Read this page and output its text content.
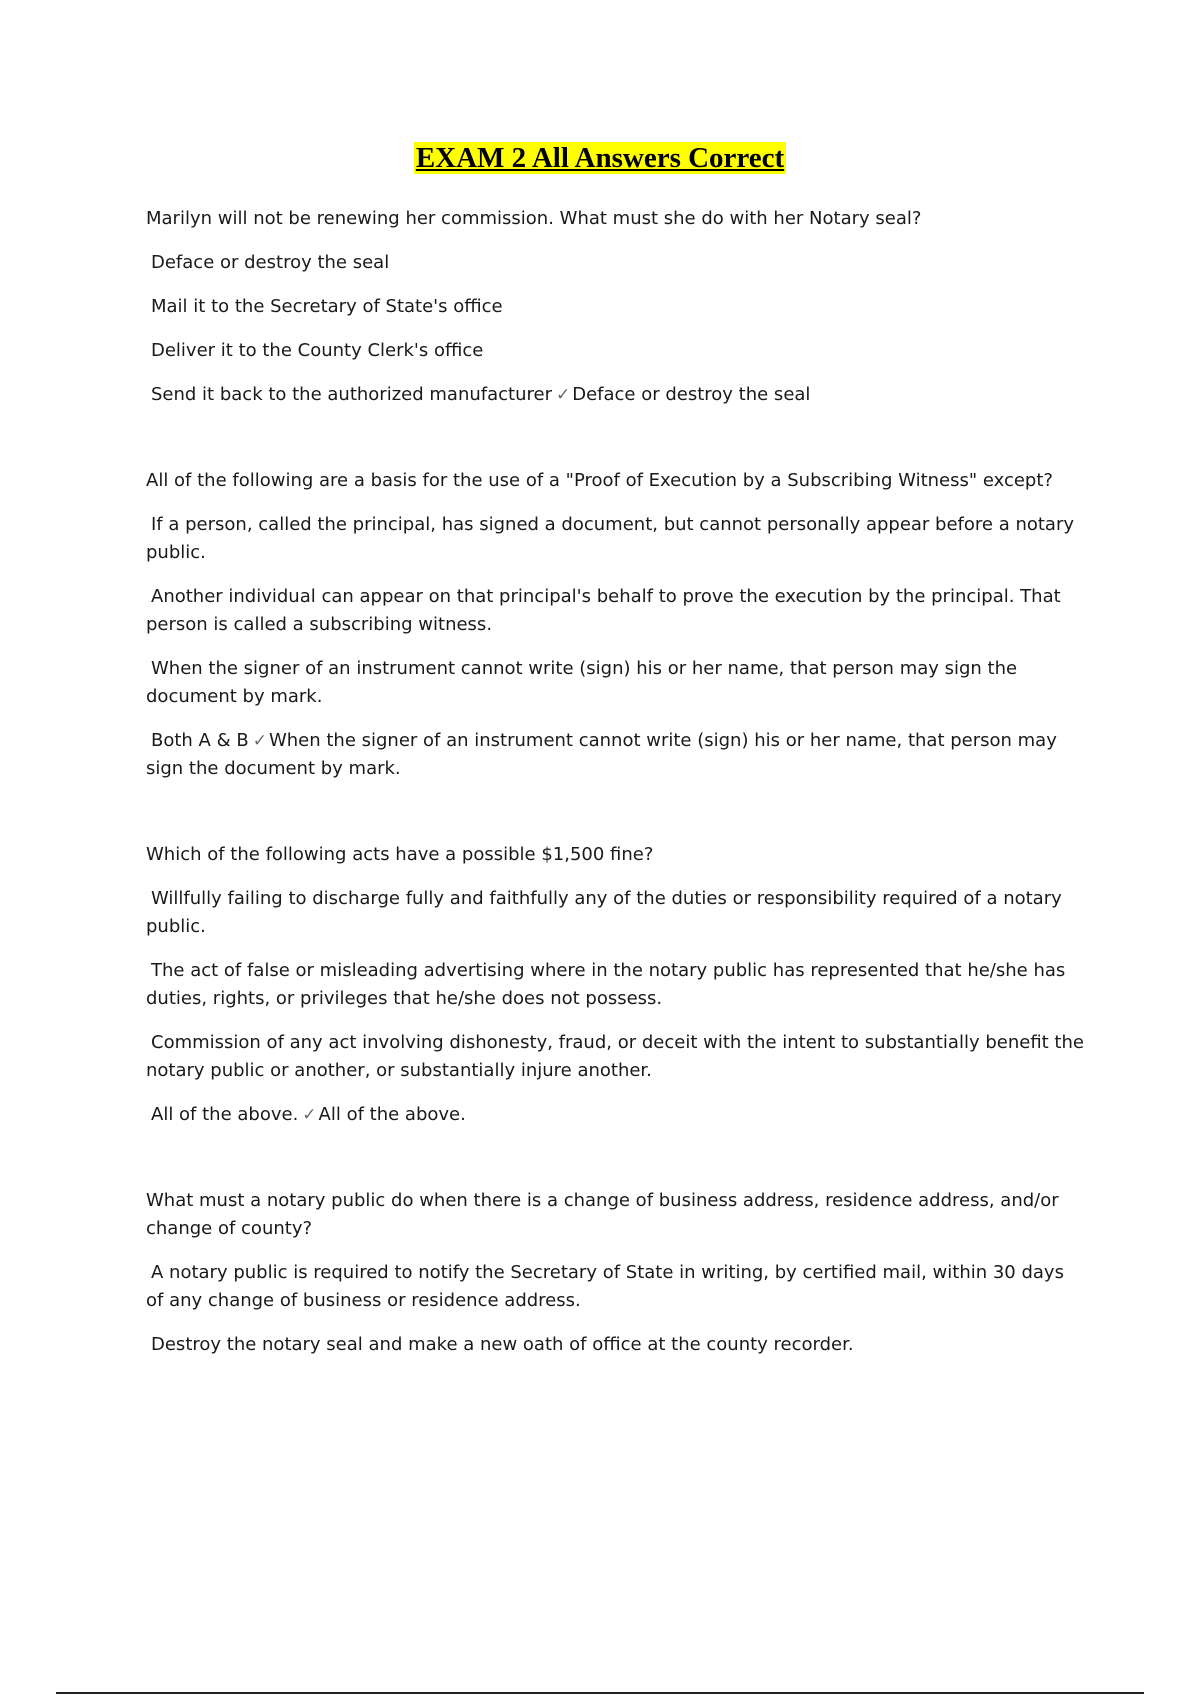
EXAM 2 All Answers Correct

Marilyn will not be renewing her commission. What must she do with her Notary seal?

Deface or destroy the seal

Mail it to the Secretary of State's office

Deliver it to the County Clerk's office

Send it back to the authorized manufacturer ✓ Deface or destroy the seal

All of the following are a basis for the use of a "Proof of Execution by a Subscribing Witness" except?

If a person, called the principal, has signed a document, but cannot personally appear before a notary public.

Another individual can appear on that principal's behalf to prove the execution by the principal. That person is called a subscribing witness.

When the signer of an instrument cannot write (sign) his or her name, that person may sign the document by mark.

Both A & B ✓ When the signer of an instrument cannot write (sign) his or her name, that person may sign the document by mark.

Which of the following acts have a possible $1,500 fine?

Willfully failing to discharge fully and faithfully any of the duties or responsibility required of a notary public.

The act of false or misleading advertising where in the notary public has represented that he/she has duties, rights, or privileges that he/she does not possess.

Commission of any act involving dishonesty, fraud, or deceit with the intent to substantially benefit the notary public or another, or substantially injure another.

All of the above. ✓ All of the above.

What must a notary public do when there is a change of business address, residence address, and/or change of county?

A notary public is required to notify the Secretary of State in writing, by certified mail, within 30 days of any change of business or residence address.

Destroy the notary seal and make a new oath of office at the county recorder.
